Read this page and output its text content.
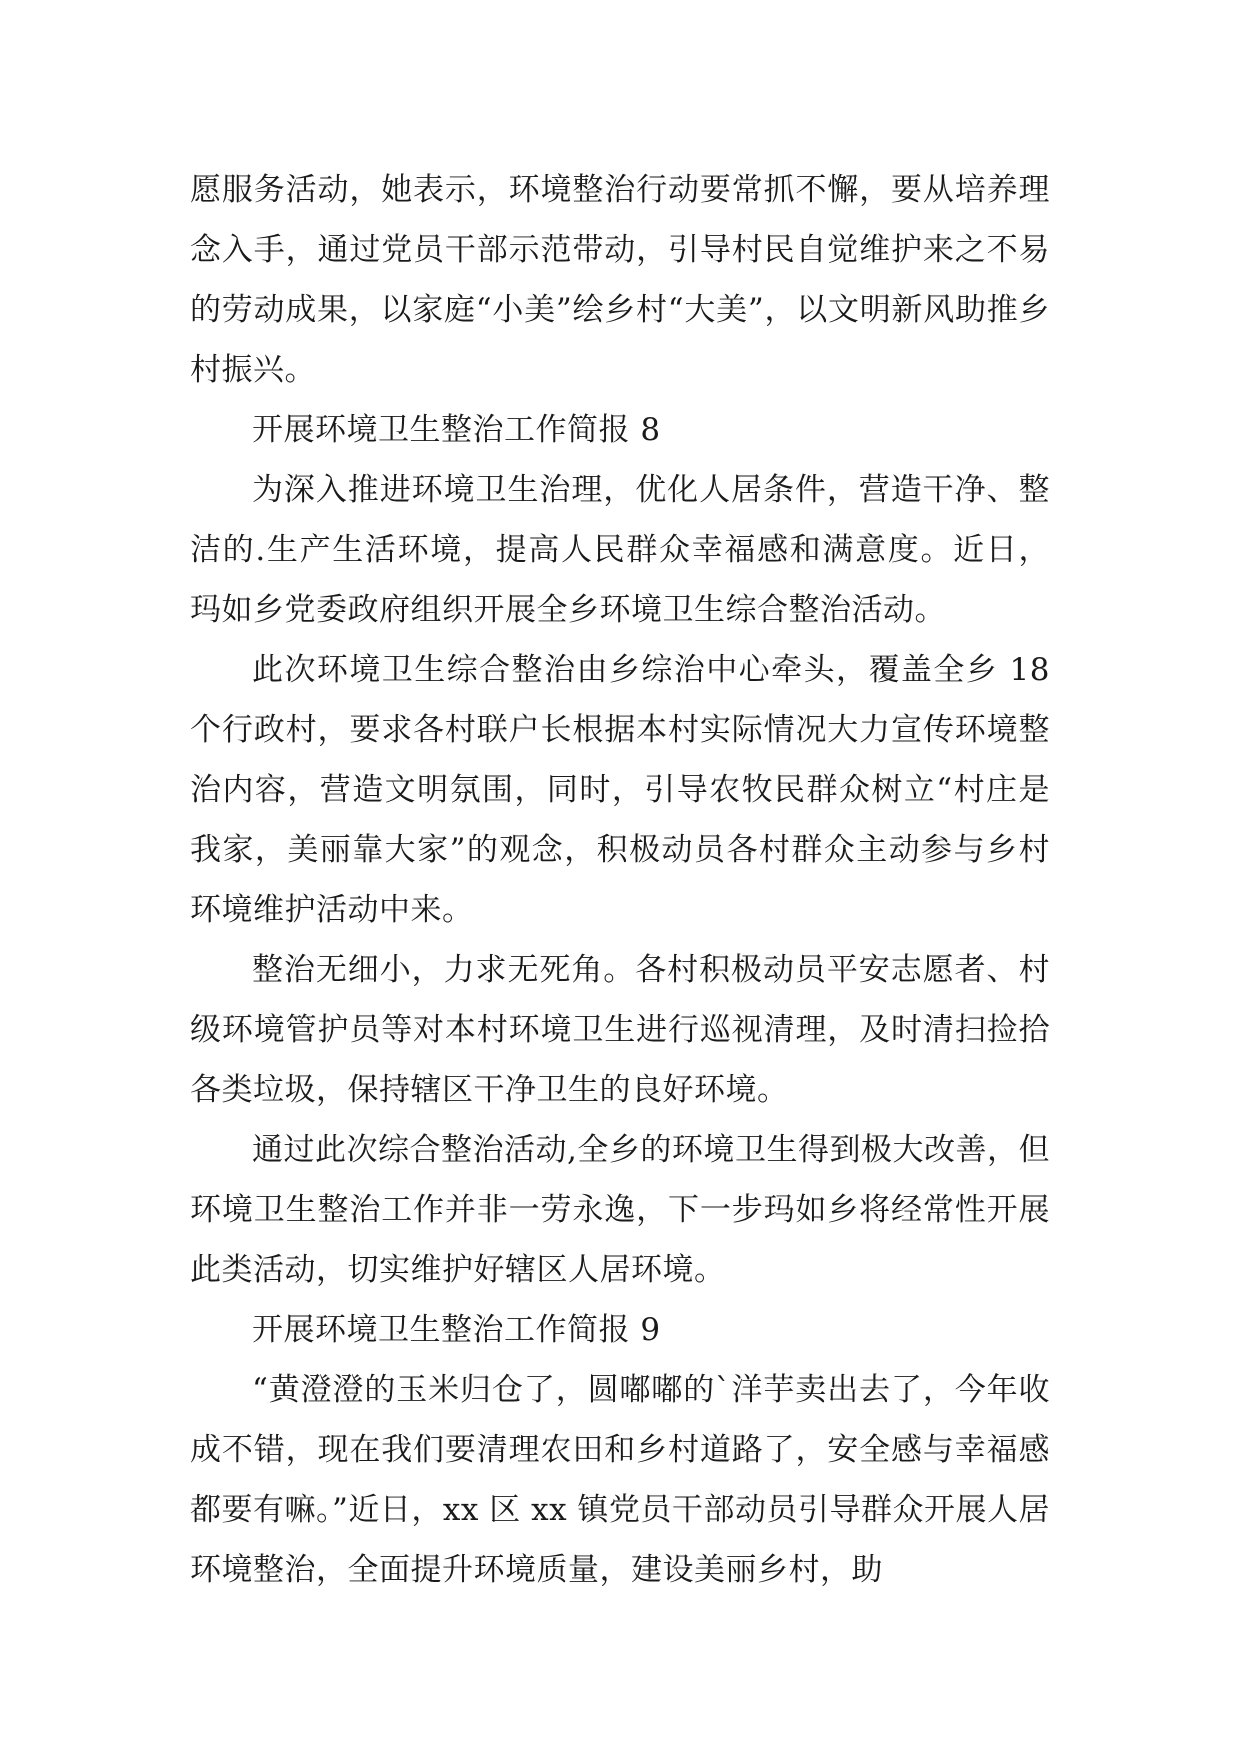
愿服务活动，她表示，环境整治行动要常抓不懈，要从培养理念入手，通过党员干部示范带动，引导村民自觉维护来之不易的劳动成果，以家庭“小美”绘乡村“大美”，以文明新风助推乡村振兴。

开展环境卫生整治工作简报 8

为深入推进环境卫生治理，优化人居条件，营造干净、整洁的.生产生活环境，提高人民群众幸福感和满意度。近日，玛如乡党委政府组织开展全乡环境卫生综合整治活动。

此次环境卫生综合整治由乡综治中心牵头，覆盖全乡 18 个行政村，要求各村联户长根据本村实际情况大力宣传环境整治内容，营造文明氛围，同时，引导农牧民群众树立“村庄是我家，美丽靠大家”的观念，积极动员各村群众主动参与乡村环境维护活动中来。

整治无细小，力求无死角。各村积极动员平安志愿者、村级环境管护员等对本村环境卫生进行巡视清理，及时清扫捡拾各类垃圾，保持辖区干净卫生的良好环境。

通过此次综合整治活动,全乡的环境卫生得到极大改善，但环境卫生整治工作并非一劳永逸，下一步玛如乡将经常性开展此类活动，切实维护好辖区人居环境。

开展环境卫生整治工作简报 9

“黄澄澄的玉米归仓了，圆嘟嘟的`洋芋卖出去了，今年收成不错，现在我们要清理农田和乡村道路了，安全感与幸福感都要有嘛。”近日，xx 区 xx 镇党员干部动员引导群众开展人居环境整治，全面提升环境质量，建设美丽乡村，助
